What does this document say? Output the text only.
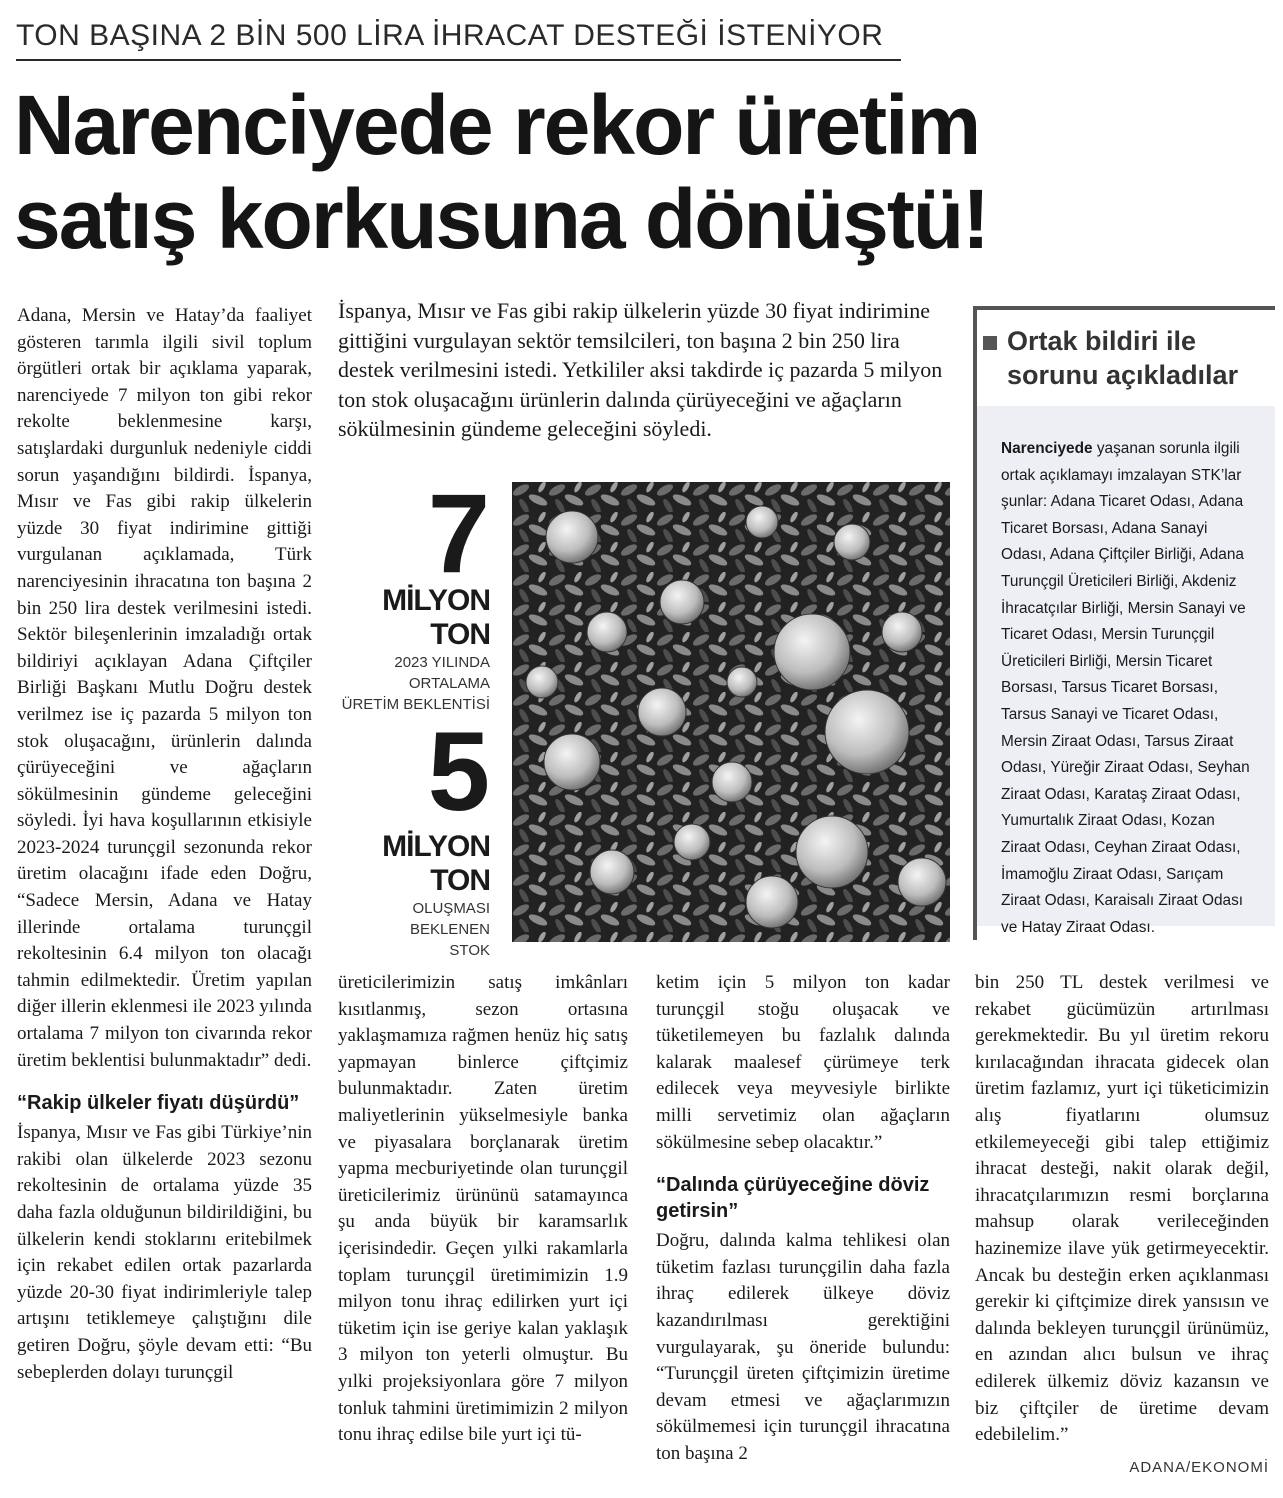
TON BAŞINA 2 BİN 500 LİRA İHRACAT DESTEĞİ İSTENİYOR
Narenciyede rekor üretim
satış korkusuna dönüştü!

Adana, Mersin ve Hatay’da faaliyet gösteren tarımla ilgili sivil toplum örgütleri ortak bir açıklama yaparak, narenciyede 7 milyon ton gibi rekor rekolte beklenmesine karşı, satışlardaki durgunluk nedeniyle ciddi sorun yaşandığını bildirdi. İspanya, Mısır ve Fas gibi rakip ülkelerin yüzde 30 fiyat indirimine gittiği vurgulanan açıklamada, Türk narenciyesinin ihracatına ton başına 2 bin 250 lira destek verilmesini istedi. Sektör bileşenlerinin imzaladığı ortak bildiriyi açıklayan Adana Çiftçiler Birliği Başkanı Mutlu Doğru destek verilmez ise iç pazarda 5 milyon ton stok oluşacağını, ürünlerin dalında çürüyeceğini ve ağaçların sökülmesinin gündeme geleceğini söyledi. İyi hava koşullarının etkisiyle 2023-2024 turunçgil sezonunda rekor üretim olacağını ifade eden Doğru, “Sadece Mersin, Adana ve Hatay illerinde ortalama turunçgil rekoltesinin 6.4 milyon ton olacağı tahmin edilmektedir. Üretim yapılan diğer illerin eklenmesi ile 2023 yılında ortalama 7 milyon ton civarında rekor üretim beklentisi bulunmaktadır” dedi.

“Rakip ülkeler fiyatı düşürdü”

İspanya, Mısır ve Fas gibi Türkiye’nin rakibi olan ülkelerde 2023 sezonu rekoltesinin de ortalama yüzde 35 daha fazla olduğunun bildirildiğini, bu ülkelerin kendi stoklarını eritebilmek için rekabet edilen ortak pazarlarda yüzde 20-30 fiyat indirimleriyle talep artışını tetiklemeye çalıştığını dile getiren Doğru, şöyle devam etti: “Bu sebeplerden dolayı turunçgil

İspanya, Mısır ve Fas gibi rakip ülkelerin yüzde 30 fiyat indirimine gittiğini vurgulayan sektör temsilcileri, ton başına 2 bin 250 lira destek verilmesini istedi. Yetkililer aksi takdirde iç pazarda 5 milyon ton stok oluşacağını ürünlerin dalında çürüyeceğini ve ağaçların sökülmesinin gündeme geleceğini söyledi.
7
MİLYON TON
2023 YILINDA
ORTALAMA
ÜRETİM BEKLENTİSİ
5
MİLYON TON
OLUŞMASI
BEKLENEN
STOK
Ortak bildiri ile
sorunu açıkladılar
Narenciyede yaşanan sorunla ilgili ortak açıklamayı imzalayan STK’lar şunlar: Adana Ticaret Odası, Adana Ticaret Borsası, Adana Sanayi Odası, Adana Çiftçiler Birliği, Adana Turunçgil Üreticileri Birliği, Akdeniz İhracatçılar Birliği, Mersin Sanayi ve Ticaret Odası, Mersin Turunçgil Üreticileri Birliği, Mersin Ticaret Borsası, Tarsus Ticaret Borsası, Tarsus Sanayi ve Ticaret Odası, Mersin Ziraat Odası, Tarsus Ziraat Odası, Yüreğir Ziraat Odası, Seyhan Ziraat Odası, Karataş Ziraat Odası, Yumurtalık Ziraat Odası, Kozan Ziraat Odası, Ceyhan Ziraat Odası, İmamoğlu Ziraat Odası, Sarıçam Ziraat Odası, Karaisalı Ziraat Odası ve Hatay Ziraat Odası.

üreticilerimizin satış imkânları kısıtlanmış, sezon ortasına yaklaşmamıza rağmen henüz hiç satış yapmayan binlerce çiftçimiz bulunmaktadır. Zaten üretim maliyetlerinin yükselmesiyle banka ve piyasalara borçlanarak üretim yapma mecburiyetinde olan turunçgil üreticilerimiz ürününü satamayınca şu anda büyük bir karamsarlık içerisindedir. Geçen yılki rakamlarla toplam turunçgil üretimimizin 1.9 milyon tonu ihraç edilirken yurt içi tüketim için ise geriye kalan yaklaşık 3 milyon ton yeterli olmuştur. Bu yılki projeksiyonlara göre 7 milyon tonluk tahmini üretimimizin 2 milyon tonu ihraç edilse bile yurt içi tü-

ketim için 5 milyon ton kadar turunçgil stoğu oluşacak ve tüketilemeyen bu fazlalık dalında kalarak maalesef çürümeye terk edilecek veya meyvesiyle birlikte milli servetimiz olan ağaçların sökülmesine sebep olacaktır.”

“Dalında çürüyeceğine döviz getirsin”

Doğru, dalında kalma tehlikesi olan tüketim fazlası turunçgilin daha fazla ihraç edilerek ülkeye döviz kazandırılması gerektiğini vurgulayarak, şu öneride bulundu: “Turunçgil üreten çiftçimizin üretime devam etmesi ve ağaçlarımızın sökülmemesi için turunçgil ihracatına ton başına 2

bin 250 TL destek verilmesi ve rekabet gücümüzün artırılması gerekmektedir. Bu yıl üretim rekoru kırılacağından ihracata gidecek olan üretim fazlamız, yurt içi tüketicimizin alış fiyatlarını olumsuz etkilemeyeceği gibi talep ettiğimiz ihracat desteği, nakit olarak değil, ihracatçılarımızın resmi borçlarına mahsup olarak verileceğinden hazinemize ilave yük getirmeyecektir. Ancak bu desteğin erken açıklanması gerekir ki çiftçimize direk yansısın ve dalında bekleyen turunçgil ürünümüz, en azından alıcı bulsun ve ihraç edilerek ülkemiz döviz kazansın ve biz çiftçiler de üretime devam edebilelim.”

ADANA/EKONOMİ
